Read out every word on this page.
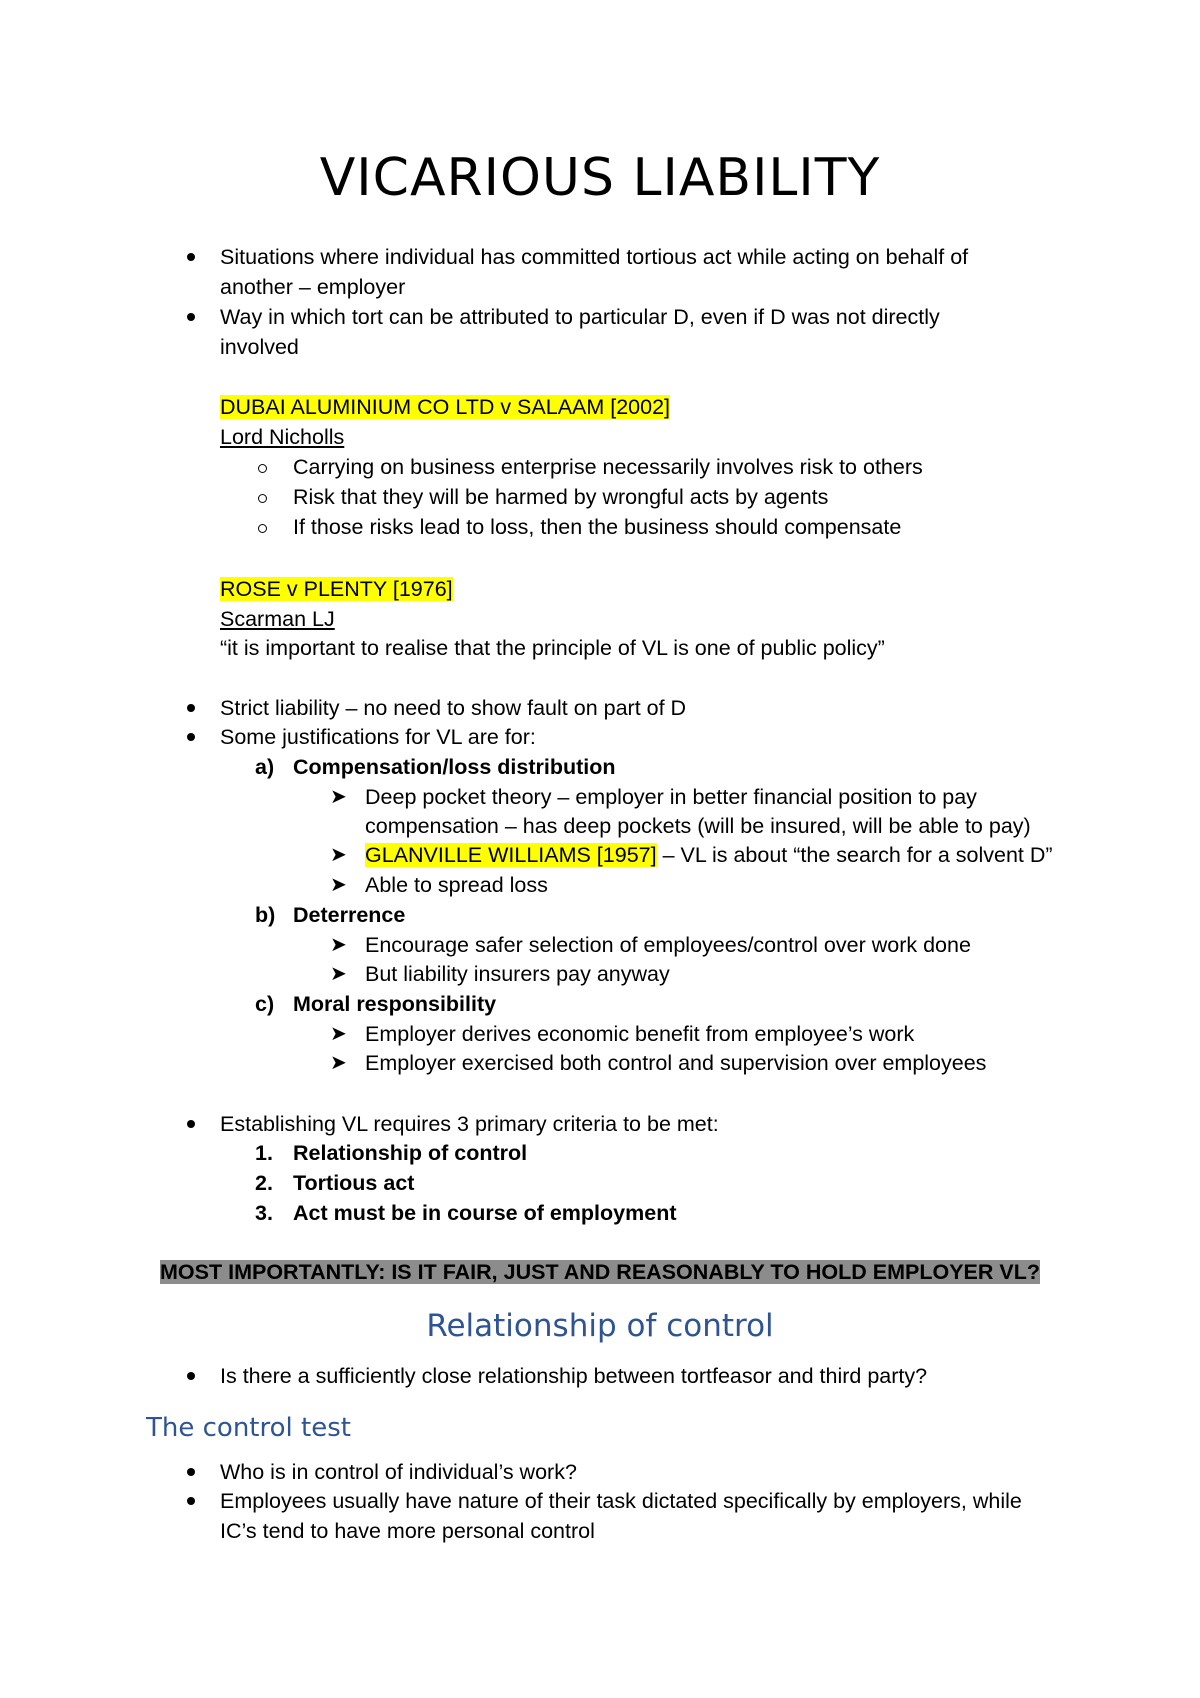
VICARIOUS LIABILITY
Situations where individual has committed tortious act while acting on behalf of
another – employer
Way in which tort can be attributed to particular D, even if D was not directly
involved
DUBAI ALUMINIUM CO LTD v SALAAM [2002]
Lord Nicholls
Carrying on business enterprise necessarily involves risk to others
Risk that they will be harmed by wrongful acts by agents
If those risks lead to loss, then the business should compensate
ROSE v PLENTY [1976]
Scarman LJ
“it is important to realise that the principle of VL is one of public policy”
Strict liability – no need to show fault on part of D
Some justifications for VL are for:
a) Compensation/loss distribution
➤ Deep pocket theory – employer in better financial position to pay
compensation – has deep pockets (will be insured, will be able to pay)
➤ GLANVILLE WILLIAMS [1957] – VL is about “the search for a solvent D”
➤ Able to spread loss
b) Deterrence
➤ Encourage safer selection of employees/control over work done
➤ But liability insurers pay anyway
c) Moral responsibility
➤ Employer derives economic benefit from employee’s work
➤ Employer exercised both control and supervision over employees
Establishing VL requires 3 primary criteria to be met:
1. Relationship of control
2. Tortious act
3. Act must be in course of employment
MOST IMPORTANTLY: IS IT FAIR, JUST AND REASONABLY TO HOLD EMPLOYER VL?
Relationship of control
Is there a sufficiently close relationship between tortfeasor and third party?
The control test
Who is in control of individual’s work?
Employees usually have nature of their task dictated specifically by employers, while
IC’s tend to have more personal control
